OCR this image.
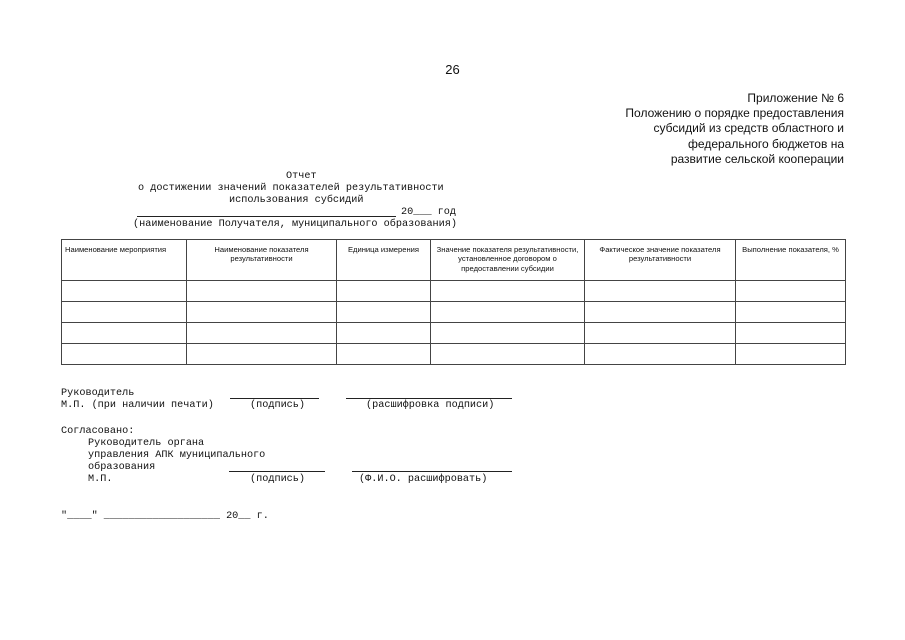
26
Приложение № 6
Положению о порядке предоставления
субсидий из средств областного и
федерального бюджетов на
развитие сельской кооперации
Отчет
о достижении значений показателей результативности
использования субсидий
20___ год
(наименование Получателя, муниципального образования)
Наименование мероприятия	Наименование показателя результативности	Единица измерения	Значение показателя результативности, установленное договором о предоставлении субсидии	Фактическое значение показателя результативности	Выполнение показателя, %

Руководитель
М.П. (при наличии печати)	(подпись)	(расшифровка подписи)
Согласовано:
Руководитель органа
управления АПК муниципального
образования
М.П.	(подпись)	(Ф.И.О. расшифровать)
"____" ___________________ 20__ г.
